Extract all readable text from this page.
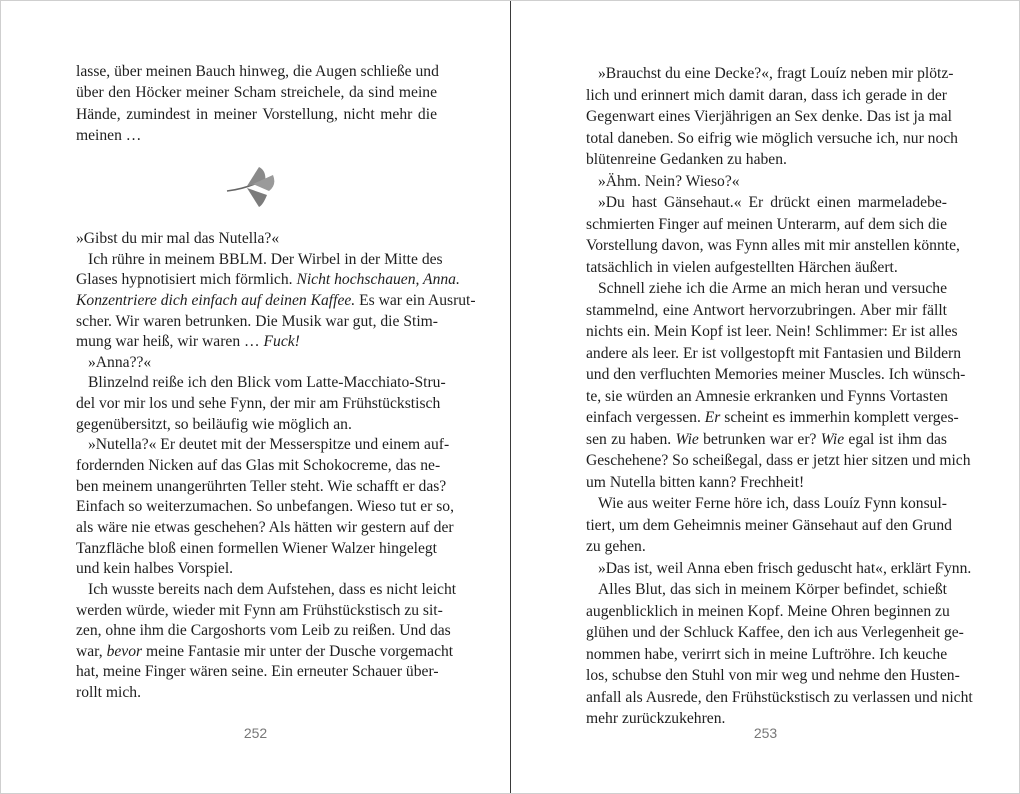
lasse, über meinen Bauch hinweg, die Augen schließe und
über den Höcker meiner Scham streichele, da sind meine
Hände, zumindest in meiner Vorstellung, nicht mehr die
meinen …
»Gibst du mir mal das Nutella?«
Ich rühre in meinem BBLM. Der Wirbel in der Mitte des
Glases hypnotisiert mich förmlich. Nicht hochschauen, Anna.
Konzentriere dich einfach auf deinen Kaffee. Es war ein Ausrut-
scher. Wir waren betrunken. Die Musik war gut, die Stim-
mung war heiß, wir waren … Fuck!
»Anna??«
Blinzelnd reiße ich den Blick vom Latte-Macchiato-Stru-
del vor mir los und sehe Fynn, der mir am Frühstückstisch
gegenübersitzt, so beiläufig wie möglich an.
»Nutella?« Er deutet mit der Messerspitze und einem auf-
fordernden Nicken auf das Glas mit Schokocreme, das ne-
ben meinem unangerührten Teller steht. Wie schafft er das?
Einfach so weiterzumachen. So unbefangen. Wieso tut er so,
als wäre nie etwas geschehen? Als hätten wir gestern auf der
Tanzfläche bloß einen formellen Wiener Walzer hingelegt
und kein halbes Vorspiel.
Ich wusste bereits nach dem Aufstehen, dass es nicht leicht
werden würde, wieder mit Fynn am Frühstückstisch zu sit-
zen, ohne ihm die Cargoshorts vom Leib zu reißen. Und das
war, bevor meine Fantasie mir unter der Dusche vorgemacht
hat, meine Finger wären seine. Ein erneuter Schauer über-
rollt mich.
252
»Brauchst du eine Decke?«, fragt Louíz neben mir plötz-
lich und erinnert mich damit daran, dass ich gerade in der
Gegenwart eines Vierjährigen an Sex denke. Das ist ja mal
total daneben. So eifrig wie möglich versuche ich, nur noch
blütenreine Gedanken zu haben.
»Ähm. Nein? Wieso?«
»Du hast Gänsehaut.« Er drückt einen marmeladebe-
schmierten Finger auf meinen Unterarm, auf dem sich die
Vorstellung davon, was Fynn alles mit mir anstellen könnte,
tatsächlich in vielen aufgestellten Härchen äußert.
Schnell ziehe ich die Arme an mich heran und versuche
stammelnd, eine Antwort hervorzubringen. Aber mir fällt
nichts ein. Mein Kopf ist leer. Nein! Schlimmer: Er ist alles
andere als leer. Er ist vollgestopft mit Fantasien und Bildern
und den verfluchten Memories meiner Muscles. Ich wünsch-
te, sie würden an Amnesie erkranken und Fynns Vortasten
einfach vergessen. Er scheint es immerhin komplett verges-
sen zu haben. Wie betrunken war er? Wie egal ist ihm das
Geschehene? So scheißegal, dass er jetzt hier sitzen und mich
um Nutella bitten kann? Frechheit!
Wie aus weiter Ferne höre ich, dass Louíz Fynn konsul-
tiert, um dem Geheimnis meiner Gänsehaut auf den Grund
zu gehen.
»Das ist, weil Anna eben frisch geduscht hat«, erklärt Fynn.
Alles Blut, das sich in meinem Körper befindet, schießt
augenblicklich in meinen Kopf. Meine Ohren beginnen zu
glühen und der Schluck Kaffee, den ich aus Verlegenheit ge-
nommen habe, verirrt sich in meine Luftröhre. Ich keuche
los, schubse den Stuhl von mir weg und nehme den Husten-
anfall als Ausrede, den Frühstückstisch zu verlassen und nicht
mehr zurückzukehren.
253
